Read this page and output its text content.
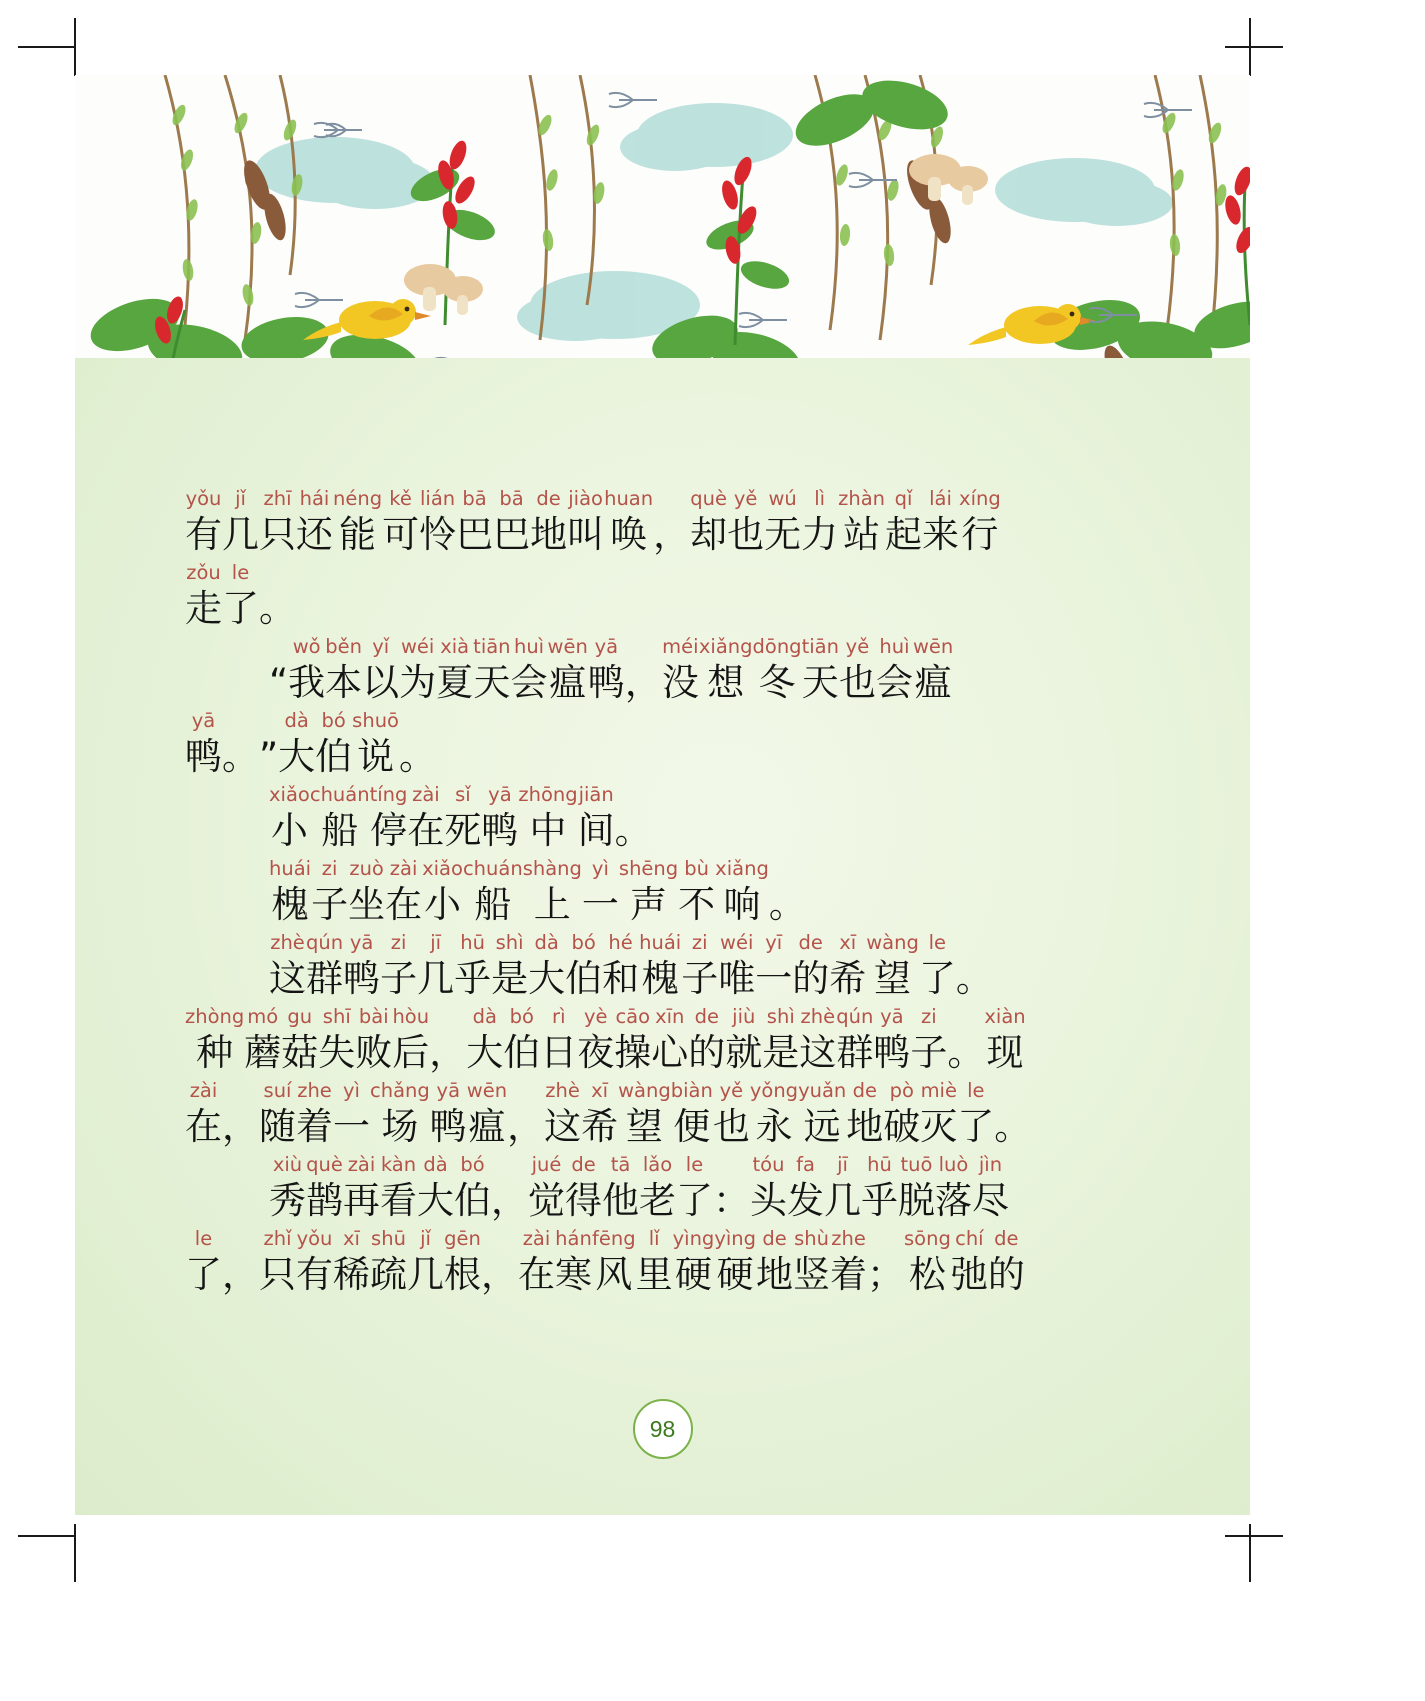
yǒu
有
jǐ
几
zhī
只
hái
还
néng
能
kě
可
lián
怜
bā
巴
bā
巴
de
地
jiào
叫
huan
唤
，
què
却
yě
也
wú
无
lì
力
zhàn
站
qǐ
起
lái
来
xíng
行
zǒu
走
le
了
。

“
wǒ
我
běn
本
yǐ
以
wéi
为
xià
夏
tiān
天
huì
会
wēn
瘟
yā
鸭
，
méi
没
xiǎng
想
dōng
冬
tiān
天
yě
也
huì
会
wēn
瘟
yā
鸭
。
”
dà
大
bó
伯
shuō
说
。
xiǎo
小
chuán
船
tíng
停
zài
在
sǐ
死
yā
鸭
zhōng
中
jiān
间
。
huái
槐
zi
子
zuò
坐
zài
在
xiǎo
小
chuán
船
shàng
上
yì
一
shēng
声
bù
不
xiǎng
响
。
zhè
这
qún
群
yā
鸭
zi
子
jī
几
hū
乎
shì
是
dà
大
bó
伯
hé
和
huái
槐
zi
子
wéi
唯
yī
一
de
的
xī
希
wàng
望
le
了
。
zhòng
种
mó
蘑
gu
菇
shī
失
bài
败
hòu
后
，
dà
大
bó
伯
rì
日
yè
夜
cāo
操
xīn
心
de
的
jiù
就
shì
是
zhè
这
qún
群
yā
鸭
zi
子
。
xiàn
现
zài
在
，
suí
随
zhe
着
yì
一
chǎng
场
yā
鸭
wēn
瘟
，
zhè
这
xī
希
wàng
望
biàn
便
yě
也
yǒng
永
yuǎn
远
de
地
pò
破
miè
灭
le
了
。
xiù
秀
què
鹊
zài
再
kàn
看
dà
大
bó
伯
，
jué
觉
de
得
tā
他
lǎo
老
le
了
：
tóu
头
fa
发
jī
几
hū
乎
tuō
脱
luò
落
jìn
尽
le
了
，
zhǐ
只
yǒu
有
xī
稀
shū
疏
jǐ
几
gēn
根
，
zài
在
hán
寒
fēng
风
lǐ
里
yìng
硬
yìng
硬
de
地
shù
竖
zhe
着
；
sōng
松
chí
弛
de
的
98
